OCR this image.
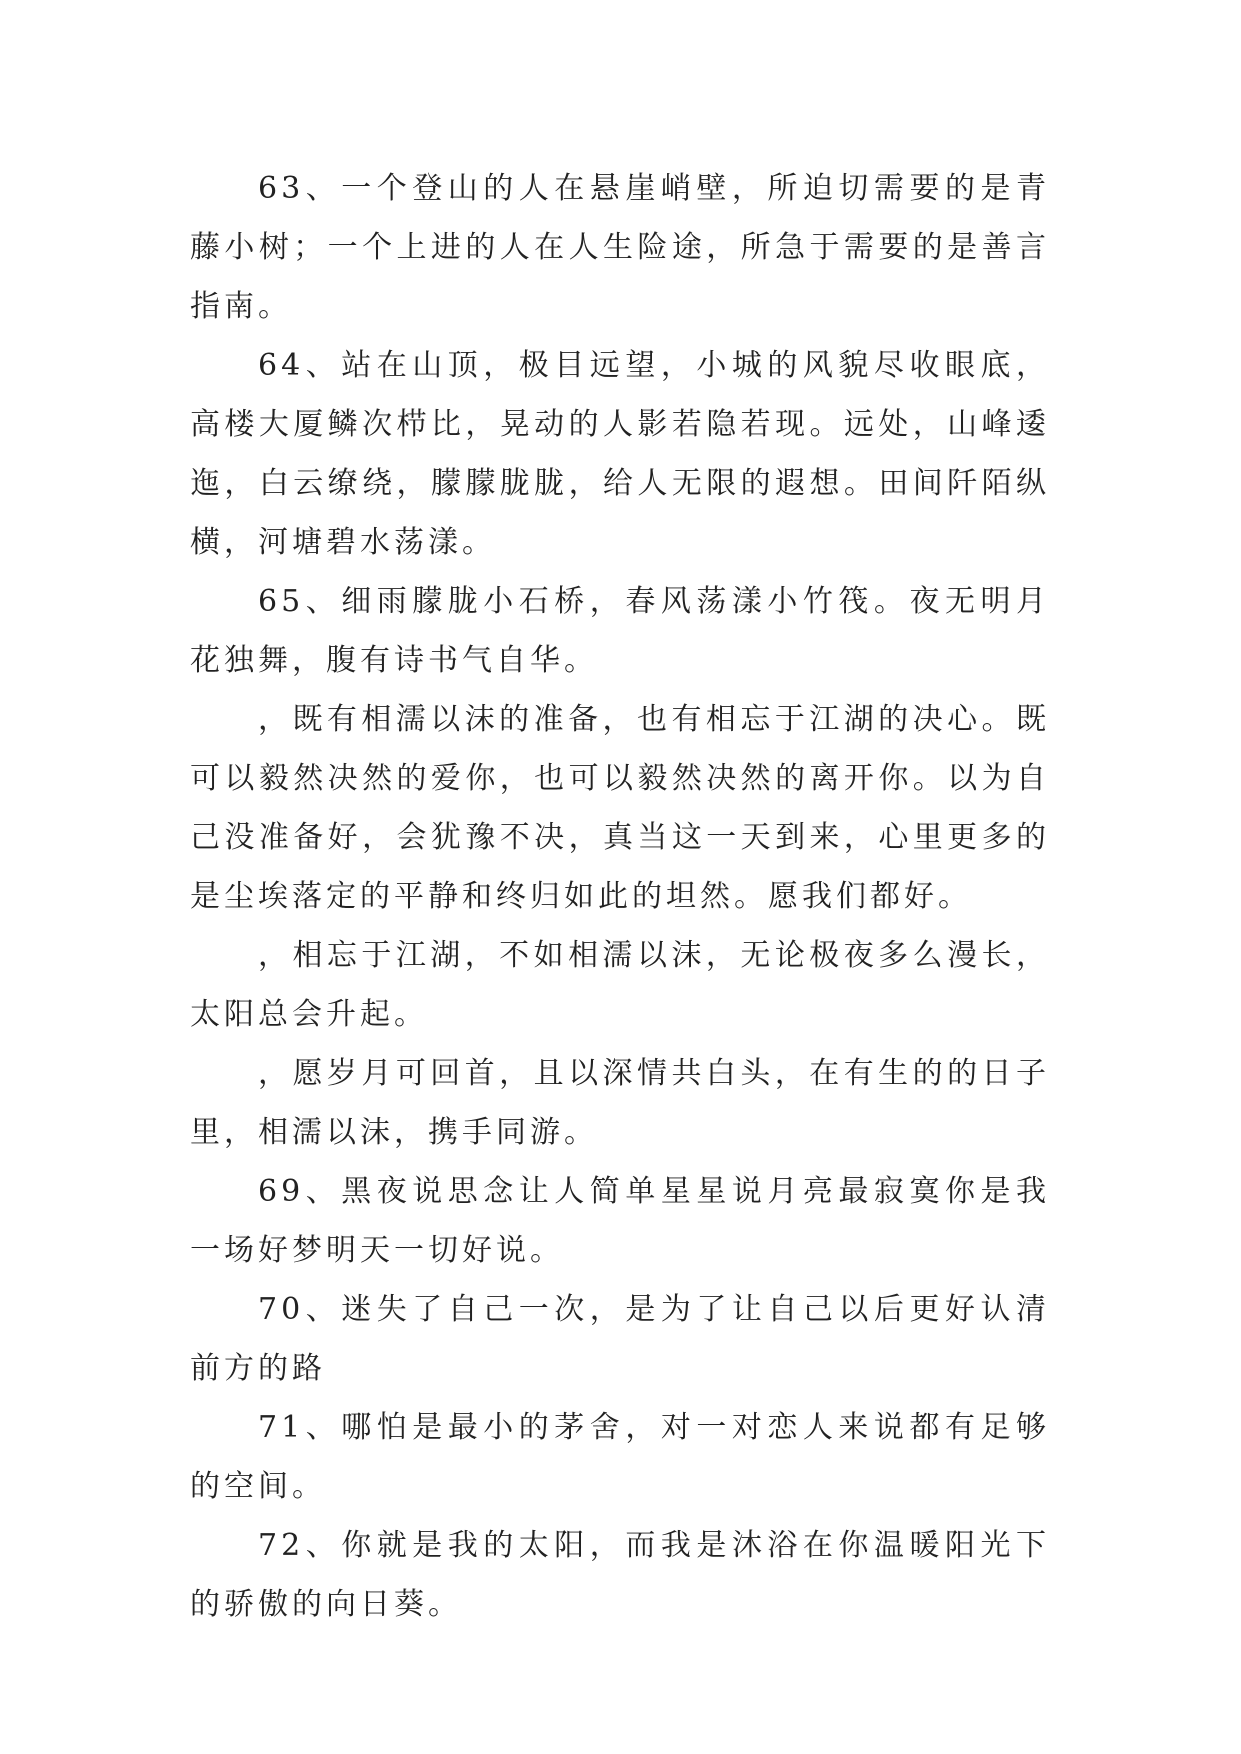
63、一个登山的人在悬崖峭壁，所迫切需要的是青藤小树；一个上进的人在人生险途，所急于需要的是善言指南。

64、站在山顶，极目远望，小城的风貌尽收眼底，高楼大厦鳞次栉比，晃动的人影若隐若现。远处，山峰逶迤，白云缭绕，朦朦胧胧，给人无限的遐想。田间阡陌纵横，河塘碧水荡漾。

65、细雨朦胧小石桥，春风荡漾小竹筏。夜无明月花独舞，腹有诗书气自华。

，既有相濡以沫的准备，也有相忘于江湖的决心。既可以毅然决然的爱你，也可以毅然决然的离开你。以为自己没准备好，会犹豫不决，真当这一天到来，心里更多的是尘埃落定的平静和终归如此的坦然。愿我们都好。

，相忘于江湖，不如相濡以沫，无论极夜多么漫长，太阳总会升起。

，愿岁月可回首，且以深情共白头，在有生的的日子里，相濡以沫，携手同游。

69、黑夜说思念让人简单星星说月亮最寂寞你是我一场好梦明天一切好说。

70、迷失了自己一次，是为了让自己以后更好认清前方的路

71、哪怕是最小的茅舍，对一对恋人来说都有足够的空间。

72、你就是我的太阳，而我是沐浴在你温暖阳光下的骄傲的向日葵。
